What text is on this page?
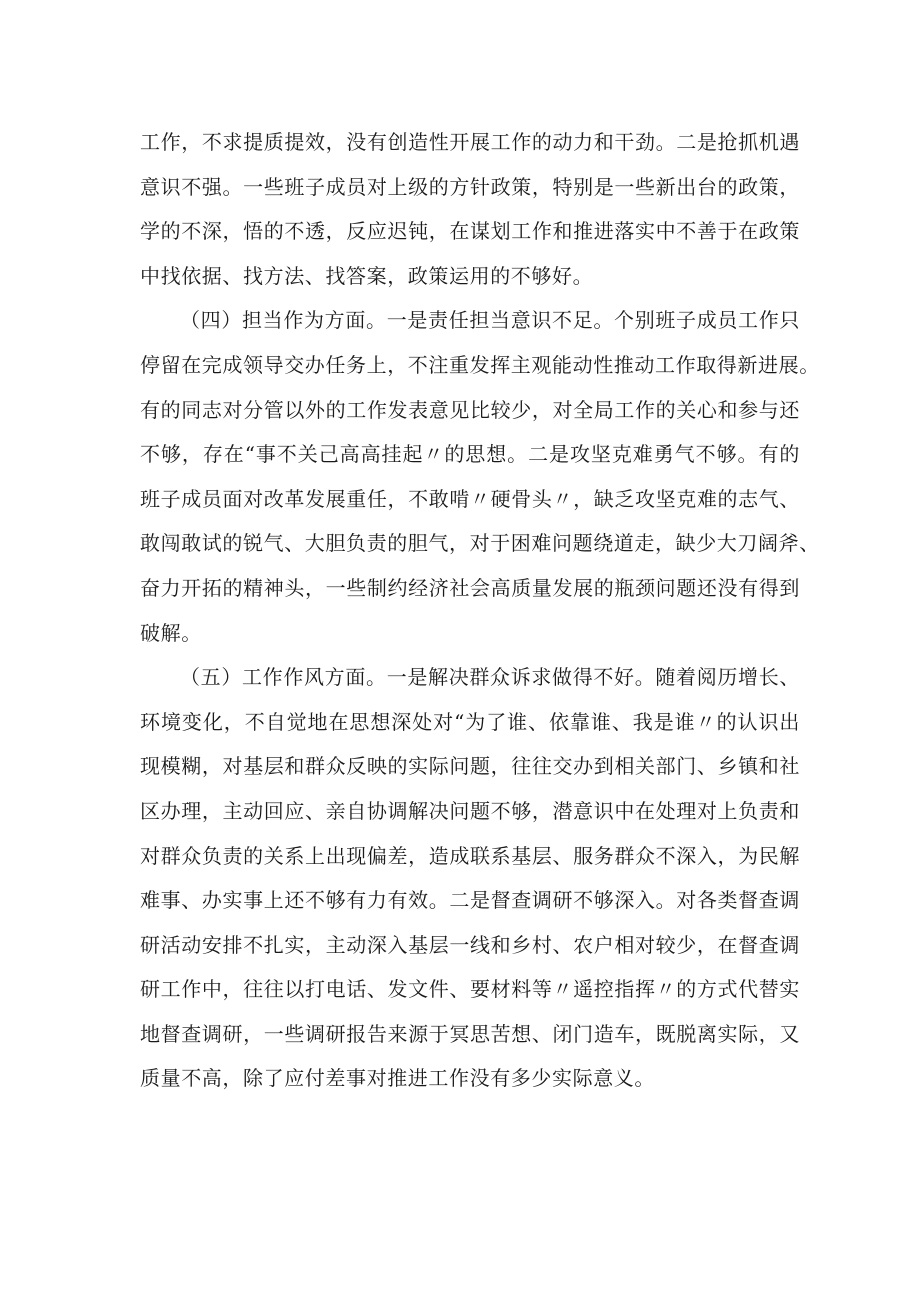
工作，不求提质提效，没有创造性开展工作的动力和干劲。二是抢抓机遇
意识不强。一些班子成员对上级的方针政策，特别是一些新出台的政策，
学的不深，悟的不透，反应迟钝，在谋划工作和推进落实中不善于在政策
中找依据、找方法、找答案，政策运用的不够好。
（四）担当作为方面。一是责任担当意识不足。个别班子成员工作只
停留在完成领导交办任务上，不注重发挥主观能动性推动工作取得新进展。
有的同志对分管以外的工作发表意见比较少，对全局工作的关心和参与还
不够，存在“事不关己高高挂起〃的思想。二是攻坚克难勇气不够。有的
班子成员面对改革发展重任，不敢啃〃硬骨头〃，缺乏攻坚克难的志气、
敢闯敢试的锐气、大胆负责的胆气，对于困难问题绕道走，缺少大刀阔斧、
奋力开拓的精神头，一些制约经济社会高质量发展的瓶颈问题还没有得到
破解。
（五）工作作风方面。一是解决群众诉求做得不好。随着阅历增长、
环境变化，不自觉地在思想深处对“为了谁、依靠谁、我是谁〃的认识出
现模糊，对基层和群众反映的实际问题，往往交办到相关部门、乡镇和社
区办理，主动回应、亲自协调解决问题不够，潜意识中在处理对上负责和
对群众负责的关系上出现偏差，造成联系基层、服务群众不深入，为民解
难事、办实事上还不够有力有效。二是督查调研不够深入。对各类督查调
研活动安排不扎实，主动深入基层一线和乡村、农户相对较少，在督查调
研工作中，往往以打电话、发文件、要材料等〃遥控指挥〃的方式代替实
地督查调研，一些调研报告来源于冥思苦想、闭门造车，既脱离实际，又
质量不高，除了应付差事对推进工作没有多少实际意义。
